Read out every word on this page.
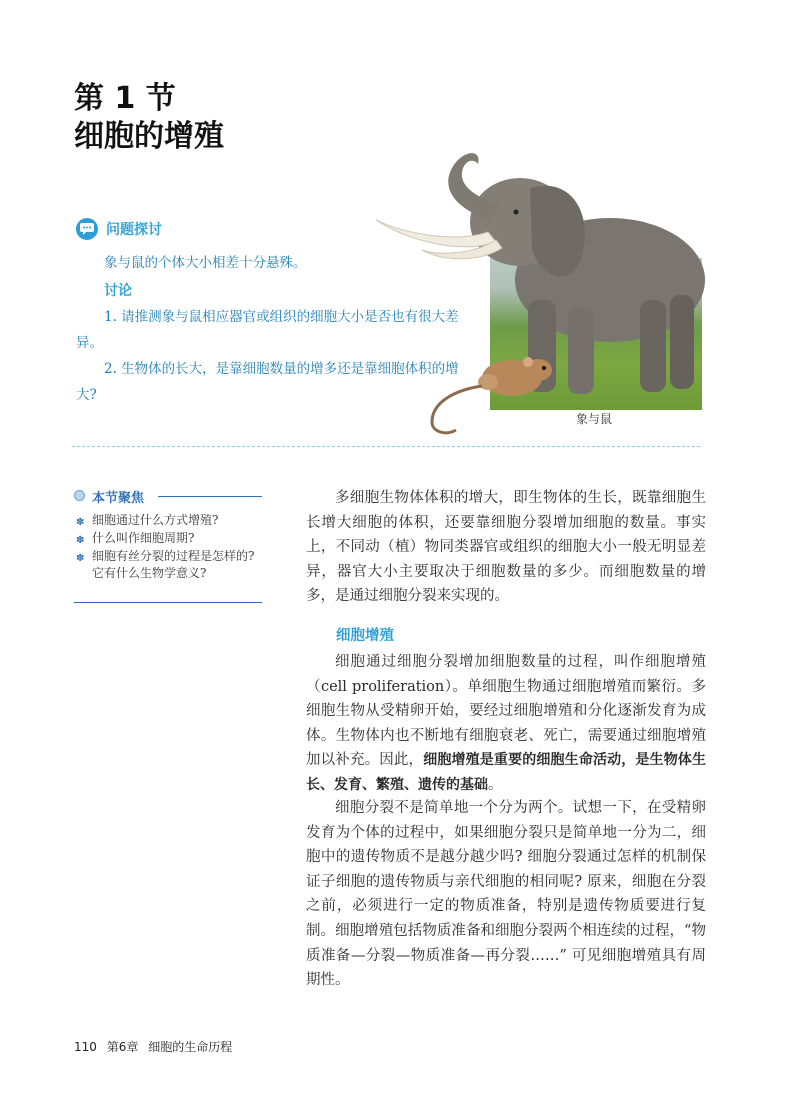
第 1 节
细胞的增殖
象与鼠
问题探讨
象与鼠的个体大小相差十分悬殊。
讨论
1. 请推测象与鼠相应器官或组织的细胞大小是否也有很大差异。
2. 生物体的长大，是靠细胞数量的增多还是靠细胞体积的增大?
本节聚焦
✽ 细胞通过什么方式增殖?
✽ 什么叫作细胞周期?
✽ 细胞有丝分裂的过程是怎样的? 它有什么生物学意义?

多细胞生物体体积的增大，即生物体的生长，既靠细胞生长增大细胞的体积，还要靠细胞分裂增加细胞的数量。事实上，不同动（植）物同类器官或组织的细胞大小一般无明显差异，器官大小主要取决于细胞数量的多少。而细胞数量的增多，是通过细胞分裂来实现的。

细胞增殖

细胞通过细胞分裂增加细胞数量的过程，叫作细胞增殖（cell proliferation）。单细胞生物通过细胞增殖而繁衍。多细胞生物从受精卵开始，要经过细胞增殖和分化逐渐发育为成体。生物体内也不断地有细胞衰老、死亡，需要通过细胞增殖加以补充。因此，细胞增殖是重要的细胞生命活动，是生物体生长、发育、繁殖、遗传的基础。

细胞分裂不是简单地一个分为两个。试想一下，在受精卵发育为个体的过程中，如果细胞分裂只是简单地一分为二，细胞中的遗传物质不是越分越少吗? 细胞分裂通过怎样的机制保证子细胞的遗传物质与亲代细胞的相同呢? 原来，细胞在分裂之前，必须进行一定的物质准备，特别是遗传物质要进行复制。细胞增殖包括物质准备和细胞分裂两个相连续的过程，“物质准备—分裂—物质准备—再分裂……” 可见细胞增殖具有周期性。

110 第6章 细胞的生命历程
